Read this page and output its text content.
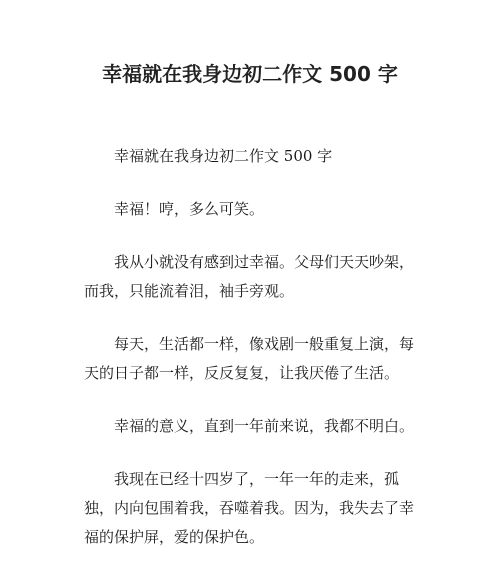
幸福就在我身边初二作文 500 字

幸福就在我身边初二作文 500 字

幸福！哼，多么可笑。

我从小就没有感到过幸福。父母们天天吵架，而我，只能流着泪，袖手旁观。

每天，生活都一样，像戏剧一般重复上演，每天的日子都一样，反反复复，让我厌倦了生活。

幸福的意义，直到一年前来说，我都不明白。

我现在已经十四岁了，一年一年的走来，孤独，内向包围着我，吞噬着我。因为，我失去了幸福的保护屏，爱的保护色。
